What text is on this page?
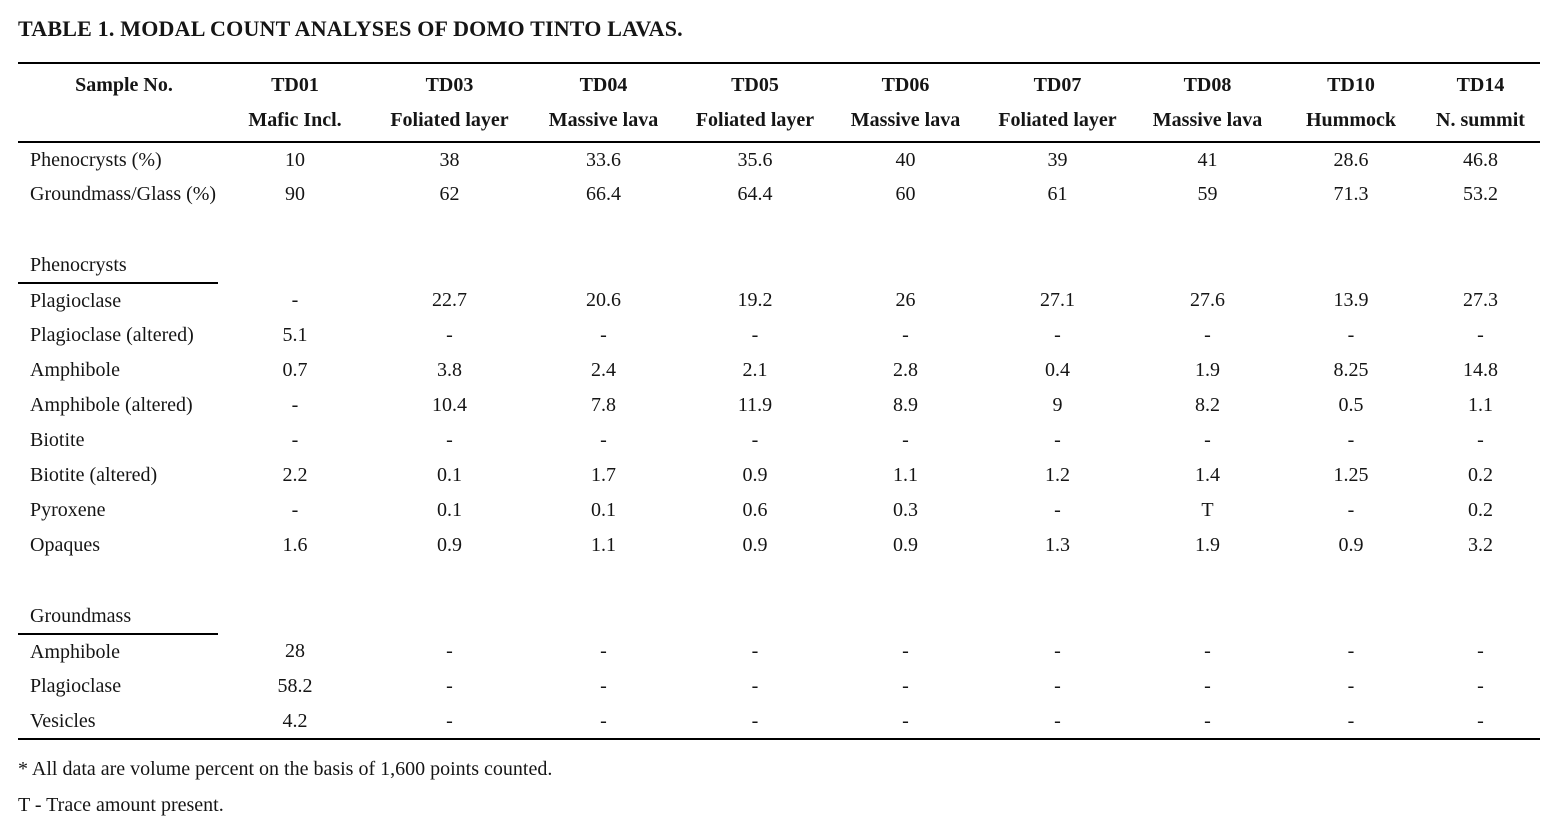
TABLE 1. MODAL COUNT ANALYSES OF DOMO TINTO LAVAS.
Sample No.	TD01	TD03	TD04	TD05	TD06	TD07	TD08	TD10	TD14
	Mafic Incl.	Foliated layer	Massive lava	Foliated layer	Massive lava	Foliated layer	Massive lava	Hummock	N. summit
Phenocrysts (%)	10	38	33.6	35.6	40	39	41	28.6	46.8
Groundmass/Glass (%)	90	62	66.4	64.4	60	61	59	71.3	53.2

Phenocrysts									
Plagioclase	-	22.7	20.6	19.2	26	27.1	27.6	13.9	27.3
Plagioclase (altered)	5.1	-	-	-	-	-	-	-	-
Amphibole	0.7	3.8	2.4	2.1	2.8	0.4	1.9	8.25	14.8
Amphibole (altered)	-	10.4	7.8	11.9	8.9	9	8.2	0.5	1.1
Biotite	-	-	-	-	-	-	-	-	-
Biotite (altered)	2.2	0.1	1.7	0.9	1.1	1.2	1.4	1.25	0.2
Pyroxene	-	0.1	0.1	0.6	0.3	-	T	-	0.2
Opaques	1.6	0.9	1.1	0.9	0.9	1.3	1.9	0.9	3.2

Groundmass									
Amphibole	28	-	-	-	-	-	-	-	-
Plagioclase	58.2	-	-	-	-	-	-	-	-
Vesicles	4.2	-	-	-	-	-	-	-	-
* All data are volume percent on the basis of 1,600 points counted.
T - Trace amount present.
